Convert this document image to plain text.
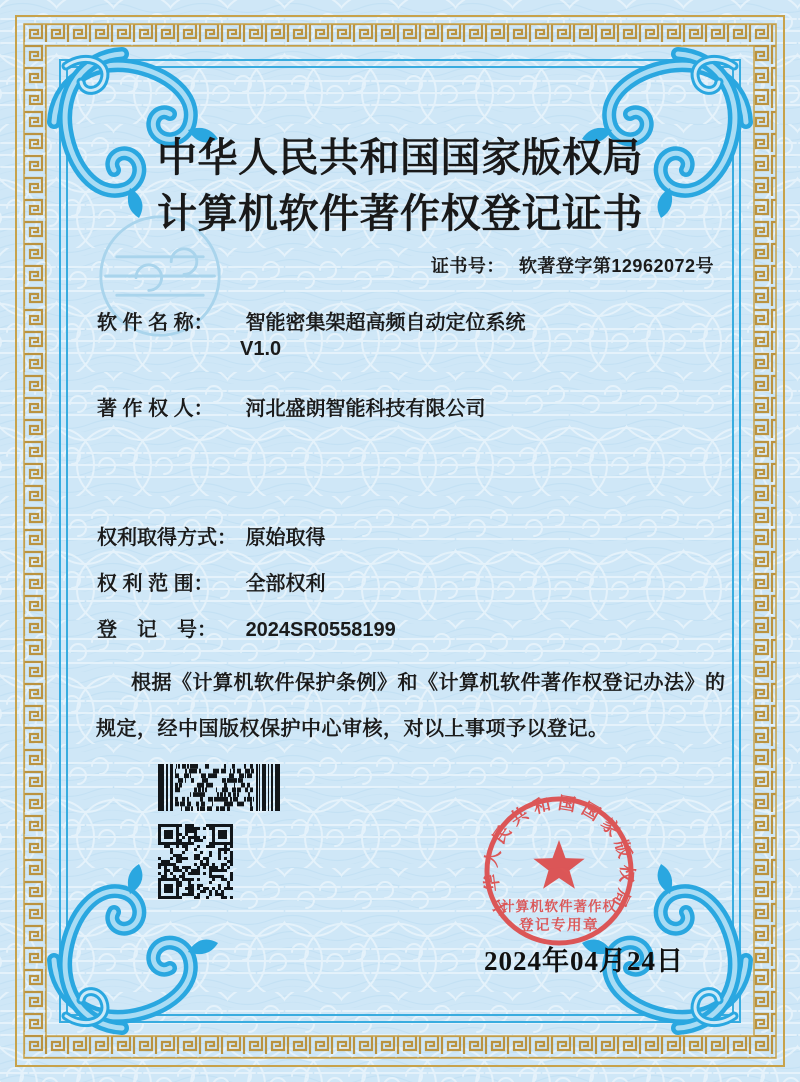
中华人民共和国国家版权局
计算机软件著作权登记证书
证书号： 软著登字第12962072号
软 件 名 称： 智能密集架超高频自动定位系统
V1.0
著 作 权 人： 河北盛朗智能科技有限公司
权利取得方式： 原始取得
权 利 范 围： 全部权利
登　记　号： 2024SR0558199
根据《计算机软件保护条例》和《计算机软件著作权登记办法》的
规定，经中国版权保护中心审核，对以上事项予以登记。
中华人民共和国国家版权局
计算机软件著作权
登记专用章
2024年04月24日
